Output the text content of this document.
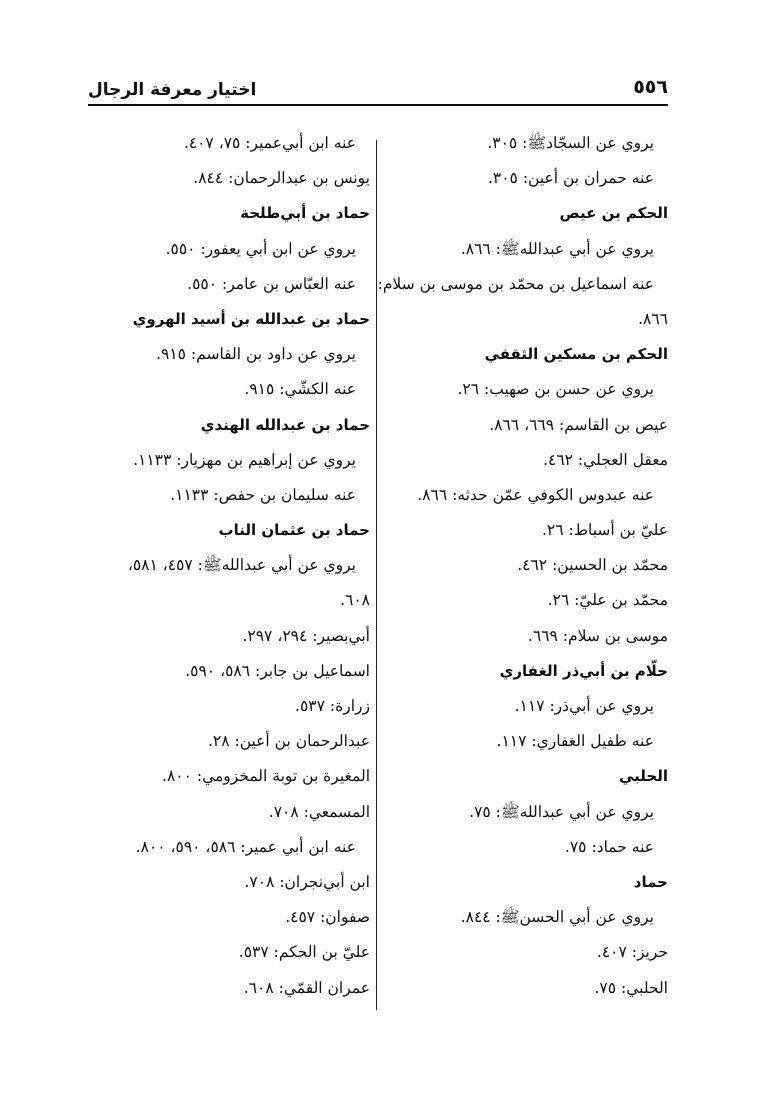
٥٥٦
اختيار معرفة الرجال
يروي عن السجّادﷺ: ٣٠٥.
عنه حمران بن أعين: ٣٠٥.
الحكم بن عيص
يروي عن أبي عبداللهﷺ: ٨٦٦.
عنه اسماعيل بن محمّد بن موسى بن سلام:
٨٦٦.
الحكم بن مسكين الثقفي
يروي عن حسن بن صهيب: ٢٦.
عيص بن القاسم: ٦٦٩، ٨٦٦.
معقل العجلي: ٤٦٢.
عنه عبدوس الكوفي عمّن حدثه: ٨٦٦.
عليّ بن أسباط: ٢٦.
محمّد بن الحسين: ٤٦٢.
محمّد بن عليّ: ٢٦.
موسى بن سلام: ٦٦٩.
حلّام بن أبي‌ذر الغفاري
يروي عن أبي‌ذر: ١١٧.
عنه طفيل الغفاري: ١١٧.
الحلبي
يروي عن أبي عبداللهﷺ: ٧٥.
عنه حماد: ٧٥.
حماد
يروي عن أبي الحسنﷺ: ٨٤٤.
حريز: ٤٠٧.
الحلبي: ٧٥.
عنه ابن أبي‌عمير: ٧٥، ٤٠٧.
يونس بن عبدالرحمان: ٨٤٤.
حماد بن أبي‌طلحة
يروي عن ابن أبي يعفور: ٥٥٠.
عنه العبّاس بن عامر: ٥٥٠.
حماد بن عبدالله بن أسيد الهروي
يروي عن داود بن القاسم: ٩١٥.
عنه الكشّي: ٩١٥.
حماد بن عبدالله الهندي
يروي عن إبراهيم بن مهزيار: ١١٣٣.
عنه سليمان بن حفص: ١١٣٣.
حماد بن عثمان الناب
يروي عن أبي عبداللهﷺ: ٤٥٧، ٥٨١،
٦٠٨.
أبي‌بصير: ٢٩٤، ٢٩٧.
اسماعيل بن جابر: ٥٨٦، ٥٩٠.
زرارة: ٥٣٧.
عبدالرحمان بن أعين: ٢٨.
المغيرة بن توبة المخزومي: ٨٠٠.
المسمعي: ٧٠٨.
عنه ابن أبي عمير: ٥٨٦، ٥٩٠، ٨٠٠.
ابن أبي‌نجران: ٧٠٨.
صفوان: ٤٥٧.
عليّ بن الحكم: ٥٣٧.
عمران القمّي: ٦٠٨.
